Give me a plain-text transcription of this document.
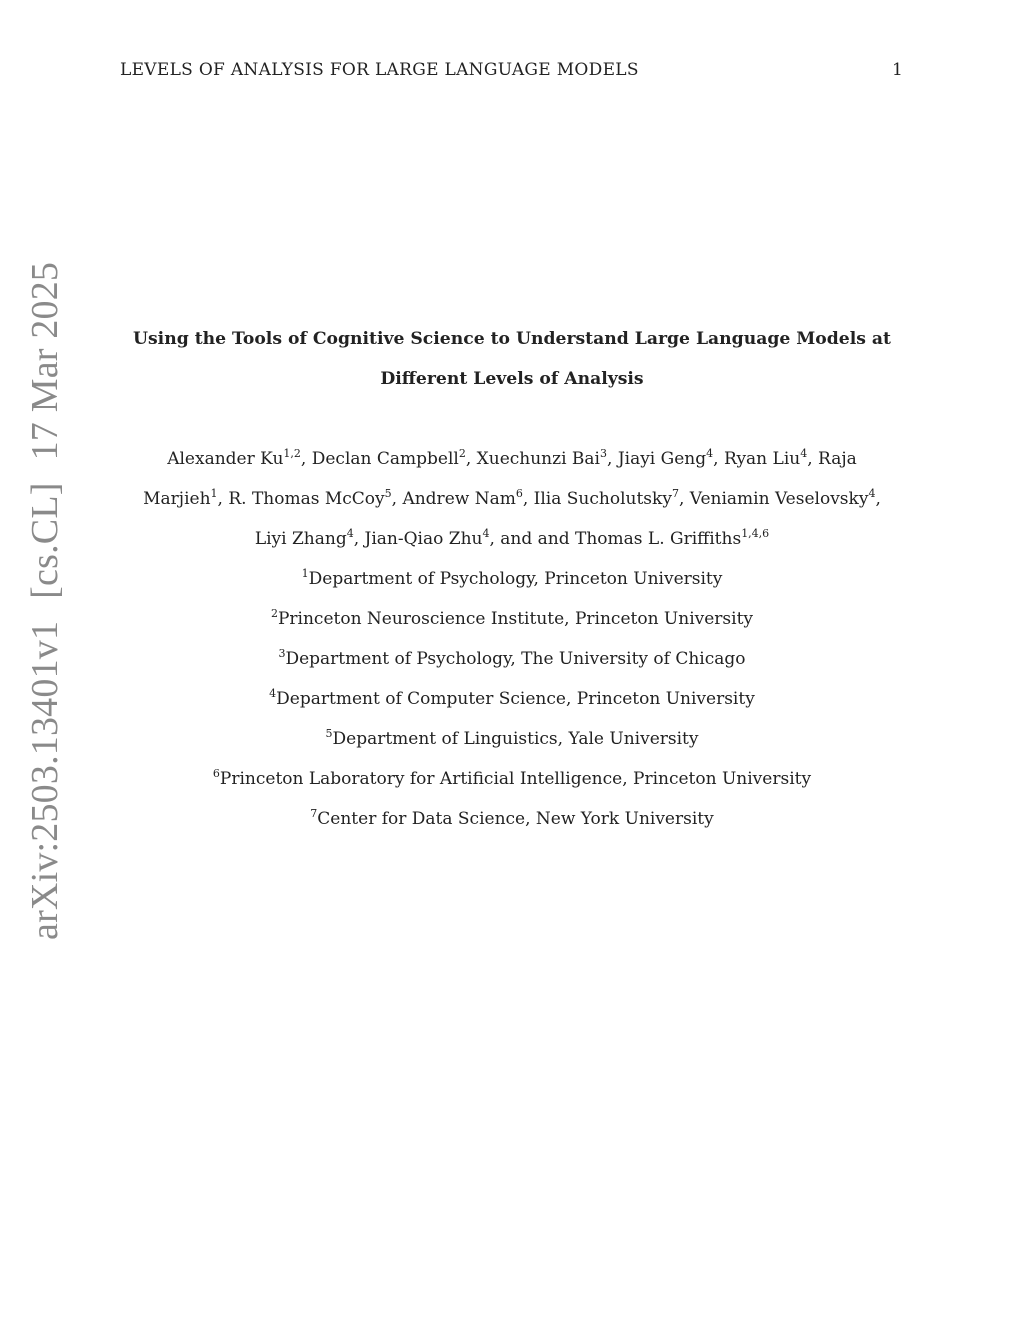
LEVELS OF ANALYSIS FOR LARGE LANGUAGE MODELS	1
arXiv:2503.13401v1[cs.CL]17 Mar 2025	Using the Tools of Cognitive Science to Understand Large Language Models at
Different Levels of Analysis
Alexander Ku$^{1,2}$, Declan Campbell$^2$, Xuechunzi Bai$^3$, Jiayi Geng$^4$, Ryan Liu$^4$, Raja
Marjieh$^1$, R. Thomas McCoy$^5$, Andrew Nam$^6$, Ilia Sucholutsky$^7$, Veniamin Veselovsky$^4$,
Liyi Zhang$^4$, Jian-Qiao Zhu$^4$, and and Thomas L. Griffiths$^{1,4,6}$
$^1$Department of Psychology, Princeton University
$^2$Princeton Neuroscience Institute, Princeton University
$^3$Department of Psychology, The University of Chicago
$^4$Department of Computer Science, Princeton University
$^5$Department of Linguistics, Yale University
$^6$Princeton Laboratory for Artificial Intelligence, Princeton University
$^7$Center for Data Science, New York University
